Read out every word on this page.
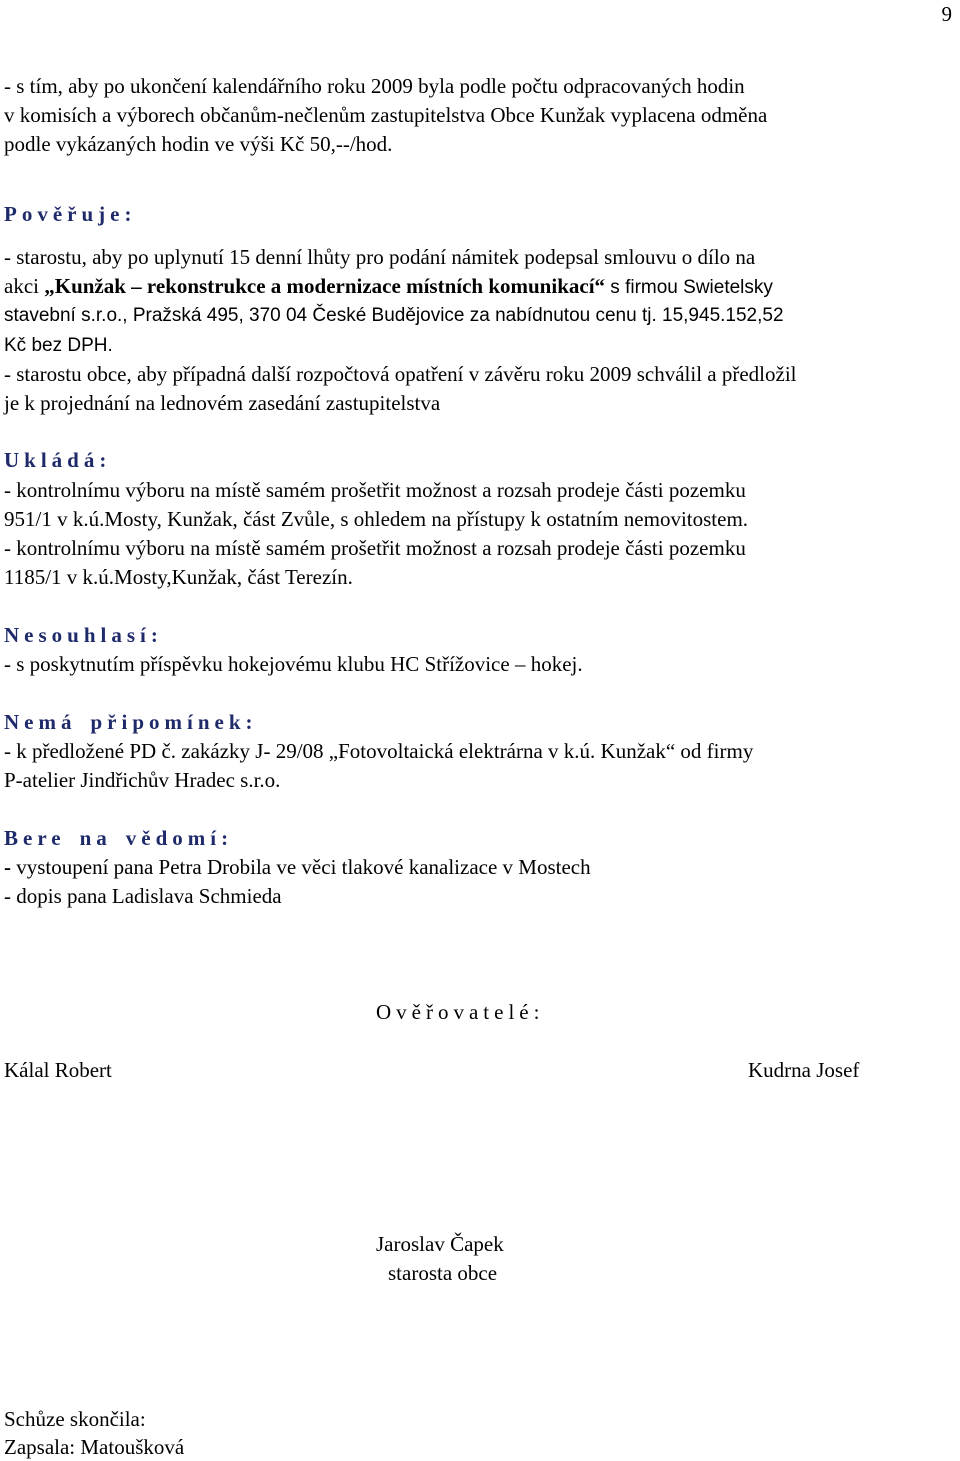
9
- s tím, aby po ukončení kalendářního roku 2009 byla podle počtu odpracovaných hodin
v komisích a výborech občanům-nečlenům zastupitelstva Obce Kunžak vyplacena odměna
podle vykázaných hodin ve výši Kč 50,--/hod.
Pověřuje:
- starostu, aby po uplynutí 15 denní lhůty pro podání námitek podepsal smlouvu o dílo na
akci „Kunžak – rekonstrukce a modernizace místních komunikací“ s firmou Swietelsky
stavební s.r.o., Pražská 495, 370 04 České Budějovice za nabídnutou cenu tj. 15,945.152,52
Kč bez DPH.
- starostu obce, aby případná další rozpočtová opatření v závěru roku 2009 schválil a předložil
je k projednání na lednovém zasedání zastupitelstva
Ukládá:
- kontrolnímu výboru na místě samém prošetřit možnost a rozsah prodeje části pozemku
951/1 v k.ú.Mosty, Kunžak, část Zvůle, s ohledem na přístupy k ostatním nemovitostem.
- kontrolnímu výboru na místě samém prošetřit možnost a rozsah prodeje části pozemku
1185/1 v k.ú.Mosty,Kunžak, část Terezín.
Nesouhlasí:
- s poskytnutím příspěvku hokejovému klubu HC Střížovice – hokej.
Nemá připomínek:
- k předložené PD č. zakázky J- 29/08 „Fotovoltaická elektrárna v k.ú. Kunžak“ od firmy
P-atelier Jindřichův Hradec s.r.o.
Bere na vědomí:
- vystoupení pana Petra Drobila ve věci tlakové kanalizace v Mostech
- dopis pana Ladislava Schmieda
Ověřovatelé:
Kálal Robert	Kudrna Josef
Jaroslav Čapek
starosta obce
Schůze skončila:
Zapsala: Matoušková
